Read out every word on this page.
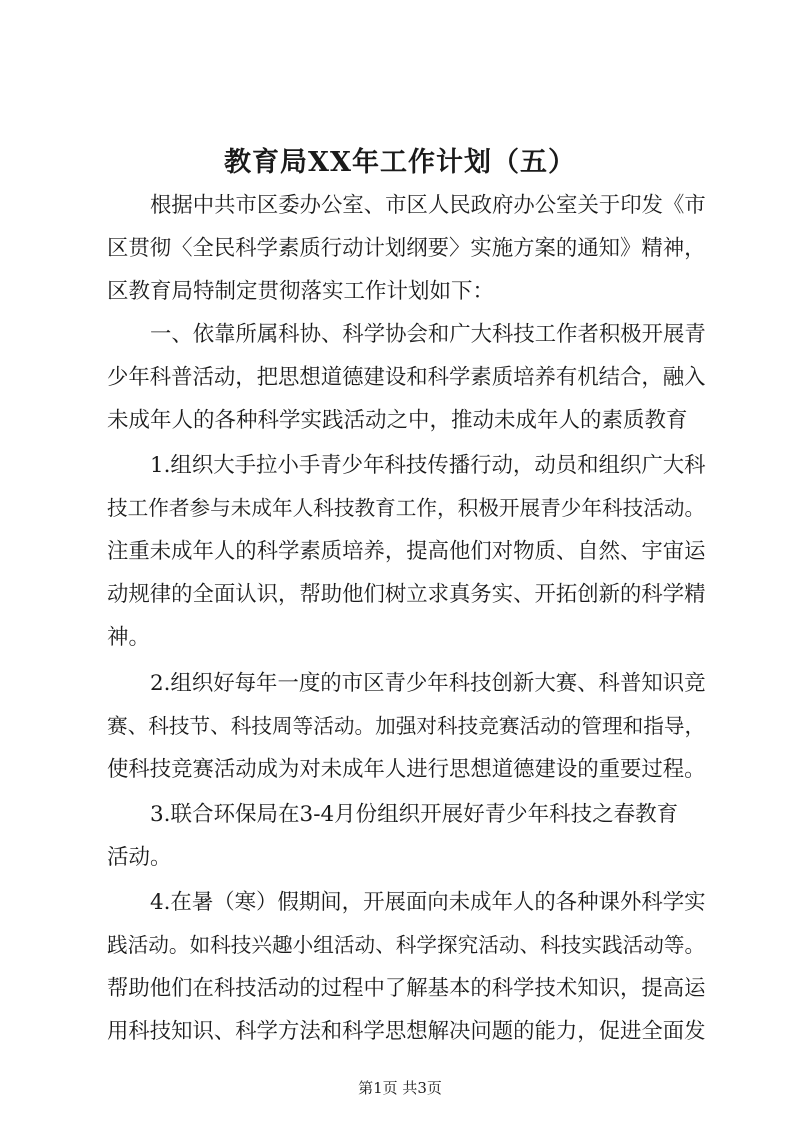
教育局XX年工作计划（五）
根据中共市区委办公室、市区人民政府办公室关于印发《市
区贯彻〈全民科学素质行动计划纲要〉实施方案的通知》精神，
区教育局特制定贯彻落实工作计划如下：
一、依靠所属科协、科学协会和广大科技工作者积极开展青
少年科普活动，把思想道德建设和科学素质培养有机结合，融入
未成年人的各种科学实践活动之中，推动未成年人的素质教育
1.组织大手拉小手青少年科技传播行动，动员和组织广大科
技工作者参与未成年人科技教育工作，积极开展青少年科技活动。
注重未成年人的科学素质培养，提高他们对物质、自然、宇宙运
动规律的全面认识，帮助他们树立求真务实、开拓创新的科学精
神。
2.组织好每年一度的市区青少年科技创新大赛、科普知识竞
赛、科技节、科技周等活动。加强对科技竞赛活动的管理和指导，
使科技竞赛活动成为对未成年人进行思想道德建设的重要过程。
3.联合环保局在3-4月份组织开展好青少年科技之春教育
活动。
4.在暑（寒）假期间，开展面向未成年人的各种课外科学实
践活动。如科技兴趣小组活动、科学探究活动、科技实践活动等。
帮助他们在科技活动的过程中了解基本的科学技术知识，提高运
用科技知识、科学方法和科学思想解决问题的能力，促进全面发
第1页 共3页
